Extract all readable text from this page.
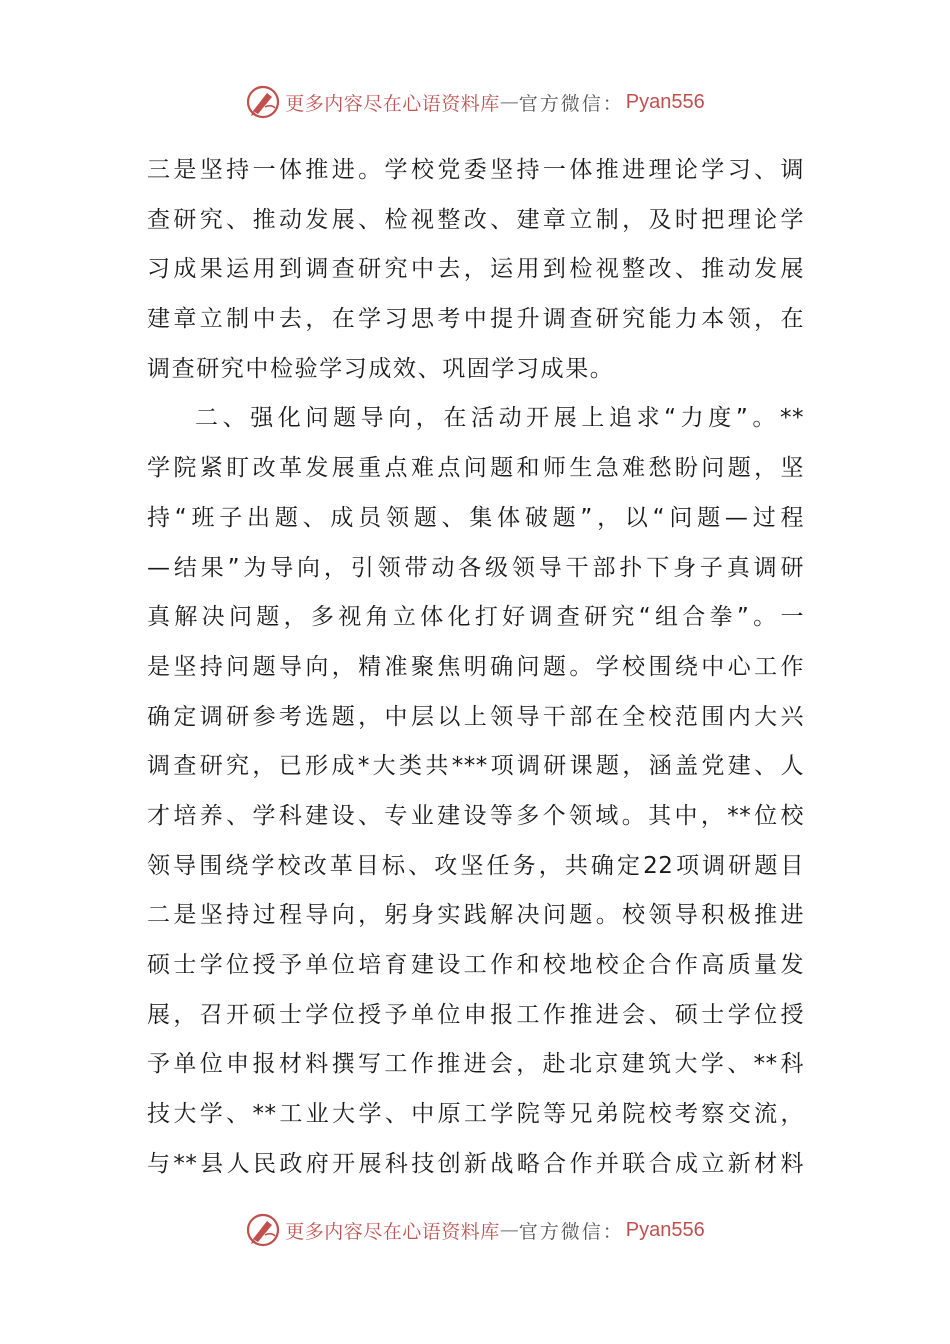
更多内容尽在心语资料库 — 官方微信： Pyan556
三是坚持一体推进。学校党委坚持一体推进理论学习、调
查研究、推动发展、检视整改、建章立制，及时把理论学
习成果运用到调查研究中去，运用到检视整改、推动发展
建章立制中去，在学习思考中提升调查研究能力本领，在
调查研究中检验学习成效、巩固学习成果。
二、强化问题导向，在活动开展上追求“力度”。**
学院紧盯改革发展重点难点问题和师生急难愁盼问题，坚
持“班子出题、成员领题、集体破题”，以“问题—过程
—结果”为导向，引领带动各级领导干部扑下身子真调研
真解决问题，多视角立体化打好调查研究“组合拳”。一
是坚持问题导向，精准聚焦明确问题。学校围绕中心工作
确定调研参考选题，中层以上领导干部在全校范围内大兴
调查研究，已形成*大类共***项调研课题，涵盖党建、人
才培养、学科建设、专业建设等多个领域。其中，**位校
领导围绕学校改革目标、攻坚任务，共确定22项调研题目
二是坚持过程导向，躬身实践解决问题。校领导积极推进
硕士学位授予单位培育建设工作和校地校企合作高质量发
展，召开硕士学位授予单位申报工作推进会、硕士学位授
予单位申报材料撰写工作推进会，赴北京建筑大学、**科
技大学、**工业大学、中原工学院等兄弟院校考察交流，
与**县人民政府开展科技创新战略合作并联合成立新材料
更多内容尽在心语资料库 — 官方微信： Pyan556
